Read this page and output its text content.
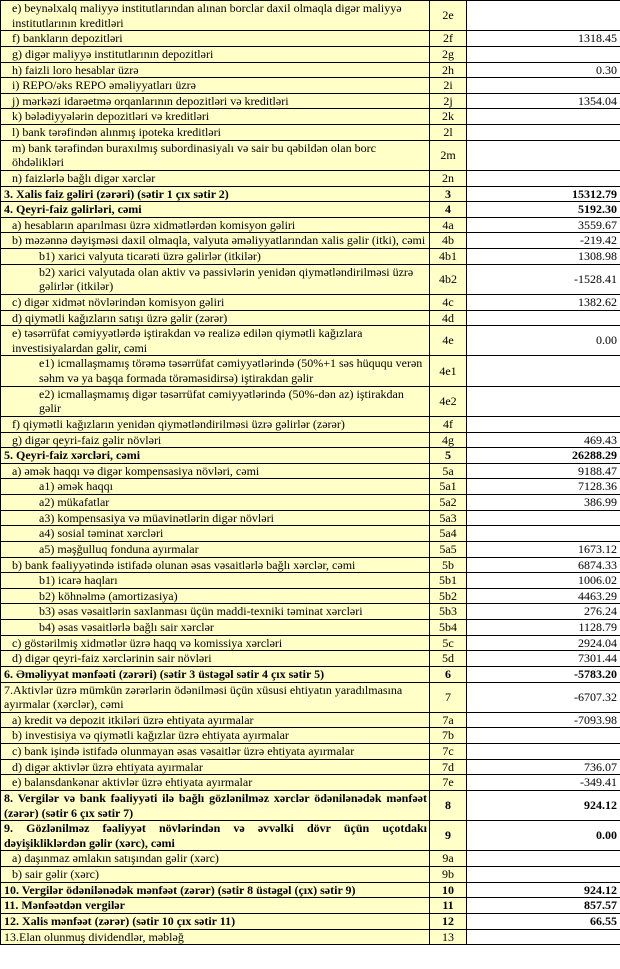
e) beynəlxalq maliyyə institutlarından alınan borclar daxil olmaqla digər maliyyə institutlarının kreditləri	2e	
f) bankların depozitləri	2f	1318.45
g) digər maliyyə institutlarının depozitləri	2g	
h) faizli loro hesablar üzrə	2h	0.30
i) REPO/əks REPO əməliyyatları üzrə	2i	
j) mərkəzi idarəetmə orqanlarının depozitləri və kreditləri	2j	1354.04
k) bələdiyyələrin depozitləri və kreditləri	2k	
l) bank tərəfindən alınmış ipoteka kreditləri	2l	
m) bank tərəfindən buraxılmış subordinasiyalı və sair bu qəbildən olan borc öhdəlikləri	2m	
n) faizlərlə bağlı digər xərclər	2n	
3. Xalis faiz gəliri (zərəri) (sətir 1 çıx sətir 2)	3	15312.79
4. Qeyri-faiz gəlirləri, cəmi	4	5192.30
a) hesabların aparılması üzrə xidmətlərdən komisyon gəliri	4a	3559.67
b) məzənnə dəyişməsi daxil olmaqla, valyuta əməliyyatlarından xalis gəlir (itki), cəmi	4b	-219.42
b1) xarici valyuta ticarəti üzrə gəlirlər (itkilər)	4b1	1308.98
b2) xarici valyutada olan aktiv və passivlərin yenidən qiymətləndirilməsi üzrə gəlirlər (itkilər)	4b2	-1528.41
c) digər xidmət növlərindən komisyon gəliri	4c	1382.62
d) qiymətli kağızların satışı üzrə gəlir (zərər)	4d	
e) təsərrüfat cəmiyyətlərdə iştirakdan və realizə edilən qiymətli kağızlara investisiyalardan gəlir, cəmi	4e	0.00
e1) icmallaşmamış törəmə təsərrüfat cəmiyyətlərində (50%+1 səs hüququ verən səhm və ya başqa formada törəməsidirsə) iştirakdan gəlir	4e1	
e2) icmallaşmamış digər təsərrüfat cəmiyyətlərində (50%-dən az) iştirakdan gəlir	4e2	
f) qiymətli kağızların yenidən qiymətləndirilməsi üzrə gəlirlər (zərər)	4f	
g) digər qeyri-faiz gəlir növləri	4g	469.43
5. Qeyri-faiz xərcləri, cəmi	5	26288.29
a) əmək haqqı və digər kompensasiya növləri, cəmi	5a	9188.47
a1) əmək haqqı	5a1	7128.36
a2) mükafatlar	5a2	386.99
a3) kompensasiya və müavinətlərin digər növləri	5a3	
a4) sosial təminat xərcləri	5a4	
a5) məşğulluq fonduna ayırmalar	5a5	1673.12
b) bank fəaliyyətində istifadə olunan əsas vəsaitlərlə bağlı xərclər, cəmi	5b	6874.33
b1) icarə haqları	5b1	1006.02
b2) köhnəlmə (amortizasiya)	5b2	4463.29
b3) əsas vəsaitlərin saxlanması üçün maddi-texniki təminat xərcləri	5b3	276.24
b4) əsas vəsaitlərlə bağlı sair xərclər	5b4	1128.79
c) göstərilmiş xidmətlər üzrə haqq və komissiya xərcləri	5c	2924.04
d) digər qeyri-faiz xərclərinin sair növləri	5d	7301.44
6. Əməliyyat mənfəəti (zərəri) (sətir 3 üstəgəl sətir 4 çıx sətir 5)	6	-5783.20
7.Aktivlər üzrə mümkün zərərlərin ödənilməsi üçün xüsusi ehtiyatın yaradılmasına ayırmalar (xərclər), cəmi	7	-6707.32
a) kredit və depozit itkiləri üzrə ehtiyata ayırmalar	7a	-7093.98
b) investisiya və qiymətli kağızlar üzrə ehtiyata ayırmalar	7b	
c) bank işində istifadə olunmayan əsas vəsaitlər üzrə ehtiyata ayırmalar	7c	
d) digər aktivlər üzrə ehtiyata ayırmalar	7d	736.07
e) balansdankənar aktivlər üzrə ehtiyata ayırmalar	7e	-349.41
8. Vergilər və bank fəaliyyəti ilə bağlı gözlənilməz xərclər ödənilənədək mənfəət (zərər) (sətir 6 çıx sətir 7)	8	924.12
9. Gözlənilməz fəaliyyət növlərindən və əvvəlki dövr üçün uçotdakı dəyişikliklərdən gəlir (xərc), cəmi	9	0.00
a) daşınmaz əmlakın satışından gəlir (xərc)	9a	
b) sair gəlir (xərc)	9b	
10. Vergilər ödənilənədək mənfəət (zərər) (sətir 8 üstəgəl (çıx) sətir 9)	10	924.12
11. Mənfəətdən vergilər	11	857.57
12. Xalis mənfəət (zərər) (sətir 10 çıx sətir 11)	12	66.55
13.Elan olunmuş dividendlər, məbləğ	13	
